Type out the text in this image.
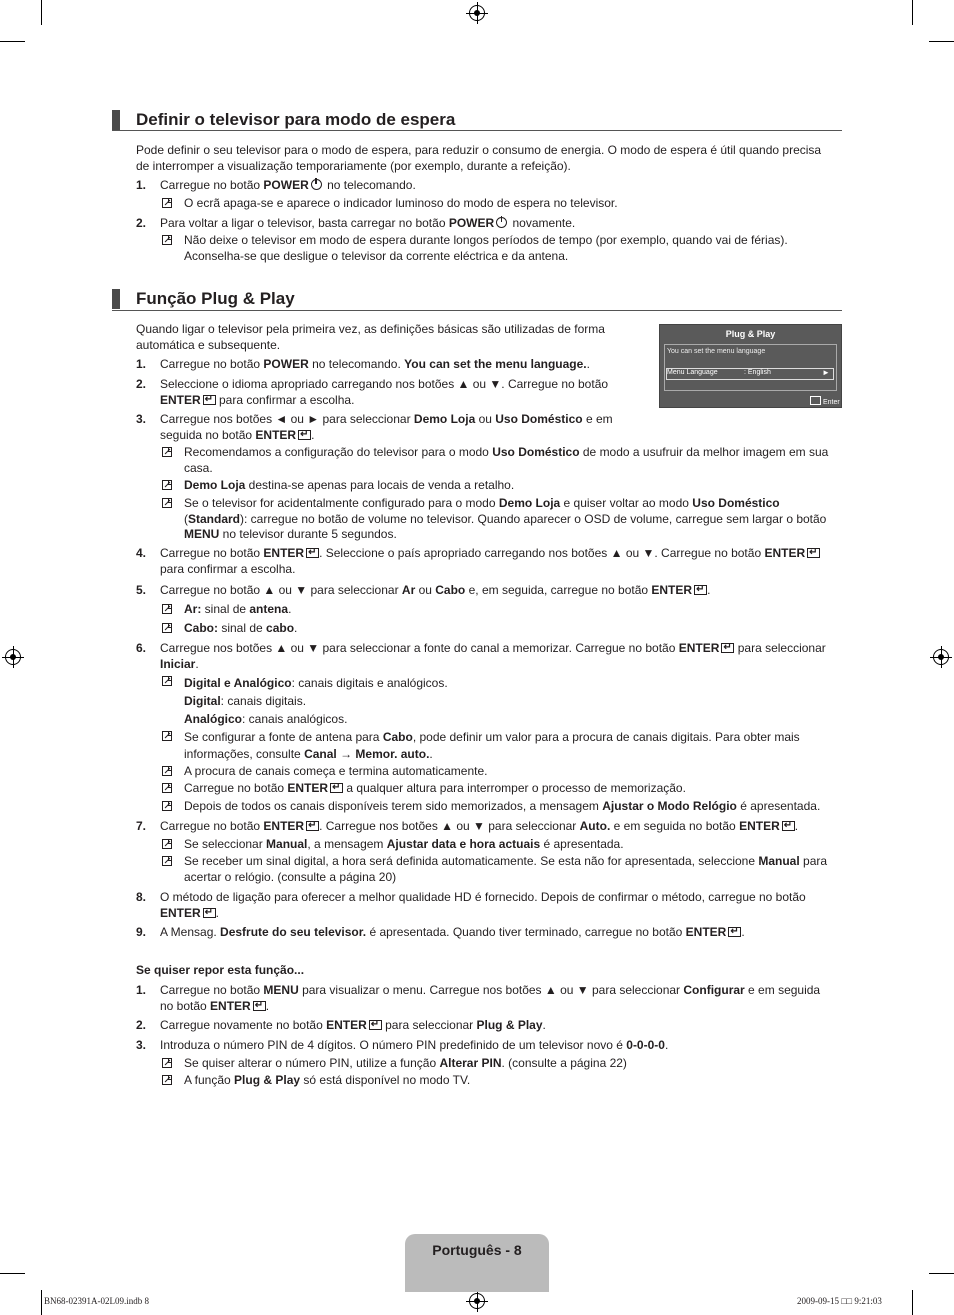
Definir o televisor para modo de espera
Pode definir o seu televisor para o modo de espera, para reduzir o consumo de energia. O modo de espera é útil quando precisa
de interromper a visualização temporariamente (por exemplo, durante a refeição).
1. Carregue no botão POWER no telecomando.
O ecrã apaga-se e aparece o indicador luminoso do modo de espera no televisor.
2. Para voltar a ligar o televisor, basta carregar no botão POWER novamente.
Não deixe o televisor em modo de espera durante longos períodos de tempo (por exemplo, quando vai de férias).
Aconselha-se que desligue o televisor da corrente eléctrica e da antena.
Função Plug & Play
Quando ligar o televisor pela primeira vez, as definições básicas são utilizadas de forma
automática e subsequente.
Plug & Play
You can set the menu language
Menu Language	: English	►
Enter
1. Carregue no botão POWER no telecomando. You can set the menu language..
2. Seleccione o idioma apropriado carregando nos botões ▲ ou ▼. Carregue no botão
ENTER↵ para confirmar a escolha.
3. Carregue nos botões ◄ ou ► para seleccionar Demo Loja ou Uso Doméstico e em
seguida no botão ENTER ↵ .
Recomendamos a configuração do televisor para o modo Uso Doméstico de modo a usufruir da melhor imagem em sua
casa.
Demo Loja destina-se apenas para locais de venda a retalho.
Se o televisor for acidentalmente configurado para o modo Demo Loja e quiser voltar ao modo Uso Doméstico
(Standard): carregue no botão de volume no televisor. Quando aparecer o OSD de volume, carregue sem largar o botão
MENU no televisor durante 5 segundos.
4. Carregue no botão ENTER ↵ . Seleccione o país apropriado carregando nos botões ▲ ou ▼. Carregue no botão ENTER↵
para confirmar a escolha.
5. Carregue no botão ▲ ou ▼ para seleccionar Ar ou Cabo e, em seguida, carregue no botão ENTER ↵ .
Ar: sinal de antena.
Cabo: sinal de cabo.
6. Carregue nos botões ▲ ou ▼ para seleccionar a fonte do canal a memorizar. Carregue no botão ENTER↵ para seleccionar
Iniciar.
Digital e Analógico: canais digitais e analógicos.
Digital: canais digitais.
Analógico: canais analógicos.
Se configurar a fonte de antena para Cabo, pode definir um valor para a procura de canais digitais. Para obter mais
informações, consulte Canal → Memor. auto..
A procura de canais começa e termina automaticamente.
Carregue no botão ENTER↵ a qualquer altura para interromper o processo de memorização.
Depois de todos os canais disponíveis terem sido memorizados, a mensagem Ajustar o Modo Relógio é apresentada.
7. Carregue no botão ENTER ↵ . Carregue nos botões ▲ ou ▼ para seleccionar Auto. e em seguida no botão ENTER ↵ .
Se seleccionar Manual, a mensagem Ajustar data e hora actuais é apresentada.
Se receber um sinal digital, a hora será definida automaticamente. Se esta não for apresentada, seleccione Manual para
acertar o relógio. (consulte a página 20)
8. O método de ligação para oferecer a melhor qualidade HD é fornecido. Depois de confirmar o método, carregue no botão
ENTER ↵ .
9. A Mensag. Desfrute do seu televisor. é apresentada. Quando tiver terminado, carregue no botão ENTER ↵ .
Se quiser repor esta função...
1. Carregue no botão MENU para visualizar o menu. Carregue nos botões ▲ ou ▼ para seleccionar Configurar e em seguida
no botão ENTER ↵ .
2. Carregue novamente no botão ENTER↵ para seleccionar Plug & Play.
3. Introduza o número PIN de 4 dígitos. O número PIN predefinido de um televisor novo é 0-0-0-0.
Se quiser alterar o número PIN, utilize a função Alterar PIN. (consulte a página 22)
A função Plug & Play só está disponível no modo TV.
Português - 8
BN68-02391A-02L09.indb 8	2009-09-15 □□ 9:21:03
